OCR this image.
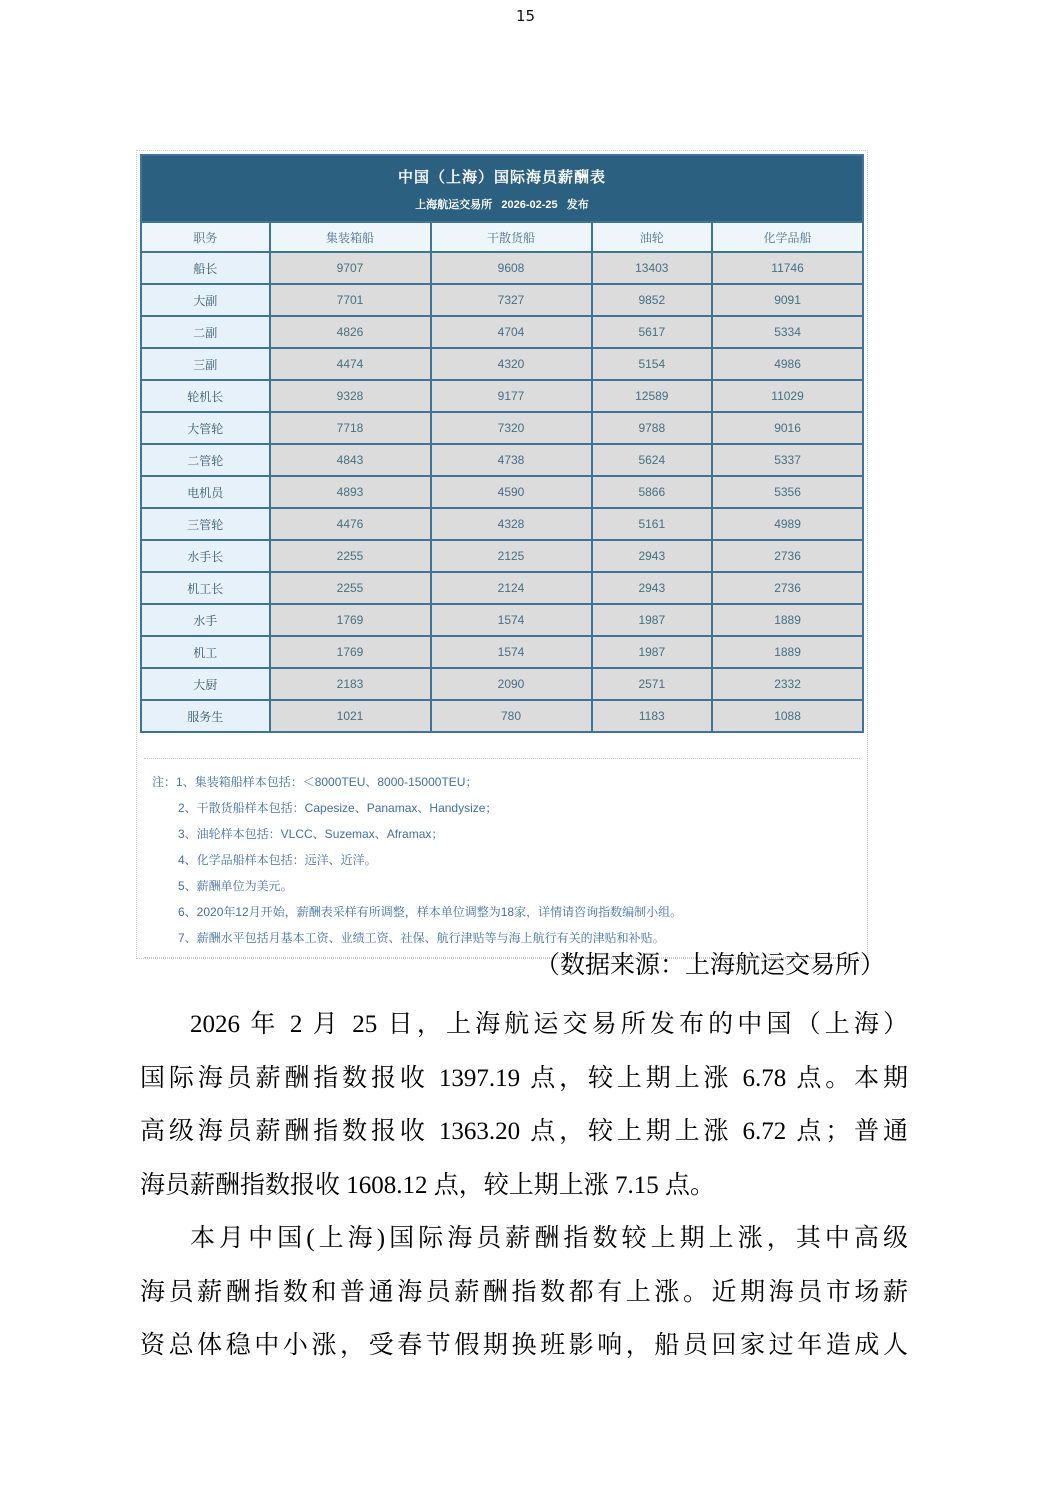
15
中国（上海）国际海员薪酬表
上海航运交易所   2026-02-25   发布				

职务	集装箱船	干散货船	油轮	化学品船
船长	9707	9608	13403	11746
大副	7701	7327	9852	9091
二副	4826	4704	5617	5334
三副	4474	4320	5154	4986
轮机长	9328	9177	12589	11029
大管轮	7718	7320	9788	9016
二管轮	4843	4738	5624	5337
电机员	4893	4590	5866	5356
三管轮	4476	4328	5161	4989
水手长	2255	2125	2943	2736
机工长	2255	2124	2943	2736
水手	1769	1574	1987	1889
机工	1769	1574	1987	1889
大厨	2183	2090	2571	2332
服务生	1021	780	1183	1088
注：1、集装箱船样本包括：＜8000TEU、8000-15000TEU；
2、干散货船样本包括：Capesize、Panamax、Handysize；
3、油轮样本包括：VLCC、Suzemax、Aframax；
4、化学品船样本包括：远洋、近洋。
5、薪酬单位为美元。
6、2020年12月开始，薪酬表采样有所调整，样本单位调整为18家，详情请咨询指数编制小组。
7、薪酬水平包括月基本工资、业绩工资、社保、航行津贴等与海上航行有关的津贴和补贴。
（数据来源：上海航运交易所）
2026 年 2 月 25 日，上海航运交易所发布的中国（上海）
国际海员薪酬指数报收 1397.19 点，较上期上涨 6.78 点。本期
高级海员薪酬指数报收 1363.20 点，较上期上涨 6.72 点；普通
海员薪酬指数报收 1608.12 点，较上期上涨 7.15 点。
本月中国(上海)国际海员薪酬指数较上期上涨，其中高级
海员薪酬指数和普通海员薪酬指数都有上涨。近期海员市场薪
资总体稳中小涨，受春节假期换班影响，船员回家过年造成人
